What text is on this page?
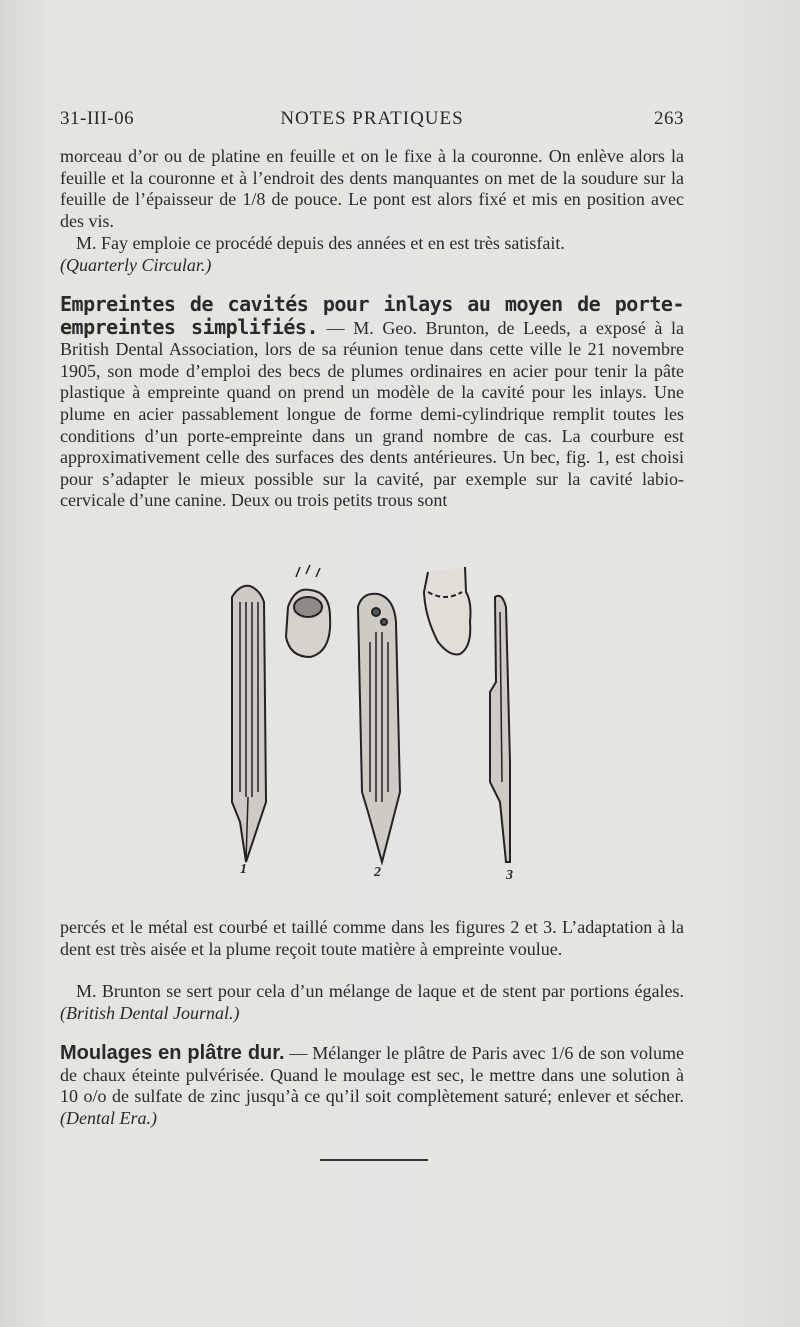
31-III-06	NOTES PRATIQUES	263
morceau d’or ou de platine en feuille et on le fixe à la couronne. On enlève alors la feuille et la couronne et à l’endroit des dents manquantes on met de la soudure sur la feuille de l’épaisseur de 1/8 de pouce. Le pont est alors fixé et mis en position avec des vis.
M. Fay emploie ce procédé depuis des années et en est très satisfait.
(Quarterly Circular.)
Empreintes de cavités pour inlays au moyen de porte-empreintes simplifiés. — M. Geo. Brunton, de Leeds, a exposé à la British Dental Association, lors de sa réunion tenue dans cette ville le 21 novembre 1905, son mode d’emploi des becs de plumes ordinaires en acier pour tenir la pâte plastique à empreinte quand on prend un modèle de la cavité pour les inlays. Une plume en acier passablement longue de forme demi-cylindrique remplit toutes les conditions d’un porte-empreinte dans un grand nombre de cas. La courbure est approximativement celle des surfaces des dents antérieures. Un bec, fig. 1, est choisi pour s’adapter le mieux possible sur la cavité, par exemple sur la cavité labio-cervicale d’une canine. Deux ou trois petits trous sont
1	2	3
percés et le métal est courbé et taillé comme dans les figures 2 et 3. L’adaptation à la dent est très aisée et la plume reçoit toute matière à empreinte voulue.
M. Brunton se sert pour cela d’un mélange de laque et de stent par portions égales. (British Dental Journal.)
Moulages en plâtre dur. — Mélanger le plâtre de Paris avec 1/6 de son volume de chaux éteinte pulvérisée. Quand le moulage est sec, le mettre dans une solution à 10 o/o de sulfate de zinc jusqu’à ce qu’il soit complètement saturé; enlever et sécher. (Dental Era.)
